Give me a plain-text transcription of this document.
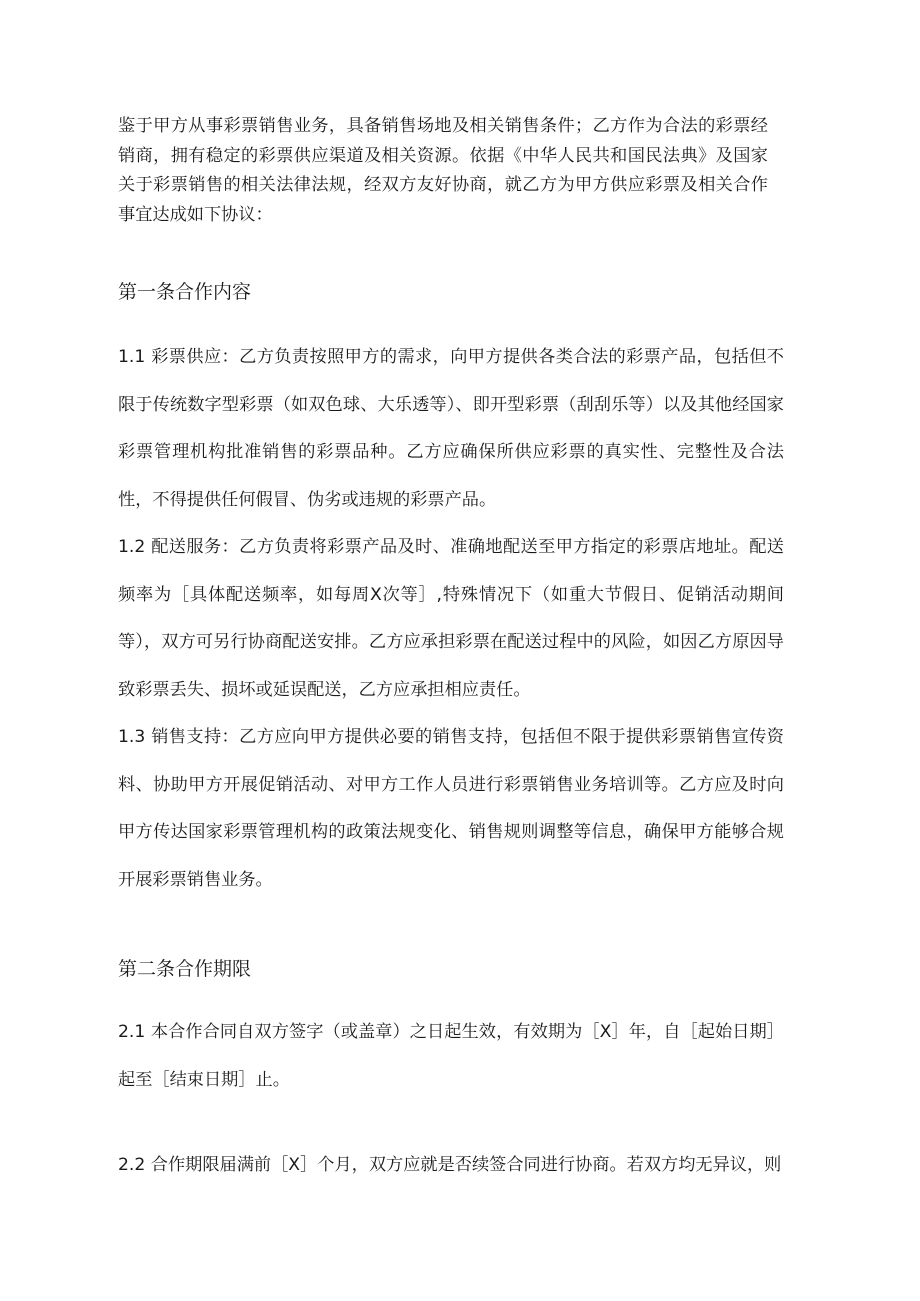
鉴于甲方从事彩票销售业务，具备销售场地及相关销售条件；乙方作为合法的彩票经销商，拥有稳定的彩票供应渠道及相关资源。依据《中华人民共和国民法典》及国家关于彩票销售的相关法律法规，经双方友好协商，就乙方为甲方供应彩票及相关合作事宜达成如下协议：

第一条合作内容

1.1 彩票供应：乙方负责按照甲方的需求，向甲方提供各类合法的彩票产品，包括但不限于传统数字型彩票（如双色球、大乐透等）、即开型彩票（刮刮乐等）以及其他经国家彩票管理机构批准销售的彩票品种。乙方应确保所供应彩票的真实性、完整性及合法性，不得提供任何假冒、伪劣或违规的彩票产品。

1.2 配送服务：乙方负责将彩票产品及时、准确地配送至甲方指定的彩票店地址。配送频率为［具体配送频率，如每周X次等］,特殊情况下（如重大节假日、促销活动期间等），双方可另行协商配送安排。乙方应承担彩票在配送过程中的风险，如因乙方原因导致彩票丢失、损坏或延误配送，乙方应承担相应责任。

1.3 销售支持：乙方应向甲方提供必要的销售支持，包括但不限于提供彩票销售宣传资料、协助甲方开展促销活动、对甲方工作人员进行彩票销售业务培训等。乙方应及时向甲方传达国家彩票管理机构的政策法规变化、销售规则调整等信息，确保甲方能够合规开展彩票销售业务。

第二条合作期限

2.1 本合作合同自双方签字（或盖章）之日起生效，有效期为［X］年，自［起始日期］起至［结束日期］止。

2.2 合作期限届满前［X］个月，双方应就是否续签合同进行协商。若双方均无异议，则
